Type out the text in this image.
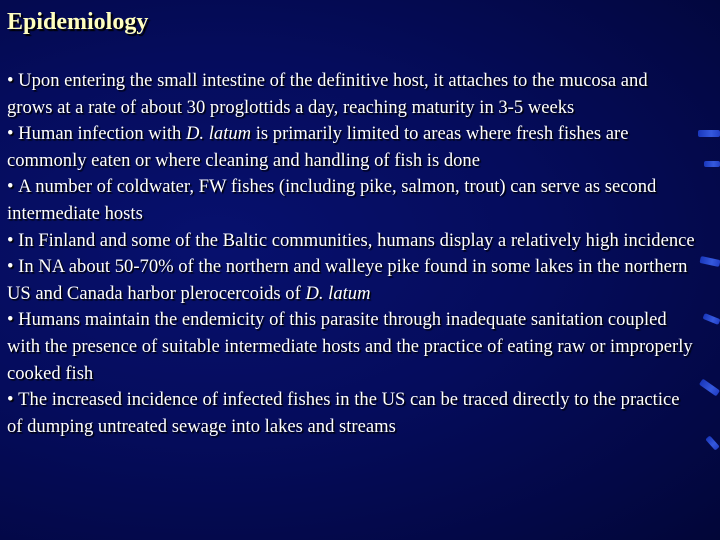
Epidemiology
• Upon entering the small intestine of the definitive host, it attaches to the mucosa and grows at a rate of about 30 proglottids a day, reaching maturity in 3-5 weeks
• Human infection with D. latum is primarily limited to areas where fresh fishes are commonly eaten or where cleaning and handling of fish is done
• A number of coldwater, FW fishes (including pike, salmon, trout) can serve as second intermediate hosts
• In Finland and some of the Baltic communities, humans display a relatively high incidence
• In NA about 50-70% of the northern and walleye pike found in some lakes in the northern US and Canada harbor plerocercoids of D. latum
• Humans maintain the endemicity of this parasite through inadequate sanitation coupled with the presence of suitable intermediate hosts and the practice of eating raw or improperly cooked fish
• The increased incidence of infected fishes in the US can be traced directly to the practice of dumping untreated sewage into lakes and streams
